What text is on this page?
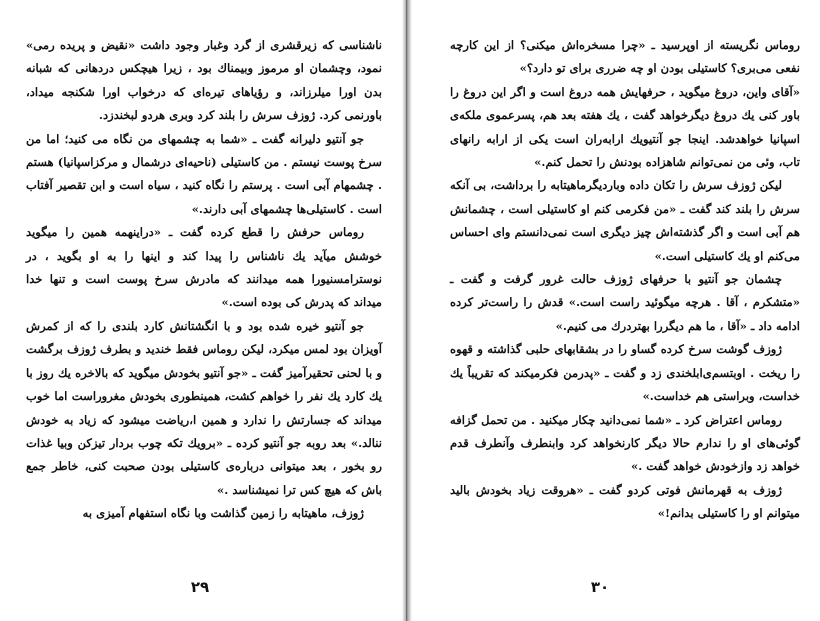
ناشناسی که زیرقشری از گرد وغبار وجود داشت «نقیض و پریده رمی» نمود، وچشمان او مرموز وبیمناك بود ، زیرا هیچکس دردهانی که شبانه بدن اورا میلرزاند، و رؤیاهای تیره‌ای که درخواب اورا شکنجه میداد، باورنمی کرد. ژوزف سرش را بلند کرد وبری هردو لبخندزد.

جو آنتیو دلیرانه گفت ـ «شما به چشمهای من نگاه می کنید؛ اما من سرخ پوست نیستم . من کاستیلی (ناحیه‌ای درشمال و مرکزاسپانیا) هستم . چشمهام آبی است . پرستم را نگاه کنید ، سیاه است و ابن تقصیر آفتاب است . کاستیلی‌ها چشمهای آبی دارند.»

روماس حرفش را قطع کرده گفت ـ «دراینهمه همین را میگوید خوشش میآید یك ناشناس را پیدا کند و اینها را به او بگوید ، در نوسترامسنیورا همه میدانند که مادرش سرخ پوست است و تنها خدا میداند که پدرش کی بوده است.»

جو آنتیو خیره شده بود و با انگشتانش کارد بلندی را که از کمرش آویزان بود لمس میکرد، لیکن روماس فقط خندید و بطرف ژوزف برگشت و با لحنی تحقیرآمیز گفت ـ «جو آنتیو بخودش میگوید که بالاخره یك روز با یك کارد یك نفر را خواهم کشت، همینطوری بخودش مغروراست اما خوب میداند که جسارتش را ندارد و همین ا،ریاضت میشود که زیاد به خودش ننالد.» بعد روبه جو آنتیو کرده ـ «برویك تکه چوب بردار تیزکن وبیا غذات رو بخور ، بعد میتوانی درباره‌ی کاستیلی بودن صحبت کنی، خاطر جمع باش که هیچ کس ترا نمیشناسد .»

ژوزف، ماهیتابه را زمین گذاشت وبا نگاه استفهام آمیزی به

۲۹

روماس نگریسته از اوپرسید ـ «چرا مسخره‌اش میکنی؟ از این کارچه نفعی می‌بری؟ کاستیلی بودن او چه ضرری برای تو دارد؟»

«آقای واین، دروغ میگوید ، حرفهایش همه دروغ است و اگر این دروغ را باور کنی یك دروغ دیگرخواهد گفت ، یك هفته بعد هم، پسرعموی ملکه‌ی اسپانیا خواهدشد. اینجا جو آنتیویك ارابه‌ران است یکی از ارابه رانهای تاب، وئی من نمی‌توانم شاهزاده بودنش را تحمل کنم.»

لیکن ژوزف سرش را تکان داده وباردیگرماهیتابه را برداشت، بی آنکه سرش را بلند کند گفت ـ «من فکرمی کنم او کاستیلی است ، چشمانش هم آبی است و اگر گذشته‌اش چیز دیگری است نمی‌دانستم وای احساس می‌کنم او یك کاستیلی است.»

چشمان جو آنتیو با حرفهای ژوزف حالت غرور گرفت و گفت ـ «متشکرم ، آقا . هرچه میگوئید راست است.» قدش را راست‌تر کرده ادامه داد ـ «آقا ، ما هم دیگررا بهتردرك می کنیم.»

ژوزف گوشت سرخ کرده گساو را در بشقابهای حلبی گذاشته‌ و قهوه را ریخت . اوبتسم‌ی‌ابلخندی زد و گفت ـ «پدرمن فکرمیکند که تقریباً یك خداست، وبراستی هم خداست.»

روماس اعتراض کرد ـ «شما نمی‌دانید چکار میکنید . من تحمل گزافه گوئی‌های او را ندارم‌ حالا دیگر کارنخواهد کرد وابنطرف وآنطرف قدم خواهد زد وازخودش خواهد گفت .»

ژوزف به قهرمانش فوتی کردو گفت ـ «هروقت زیاد بخودش بالید میتوانم او را کاستیلی بدانم!»

۳۰
